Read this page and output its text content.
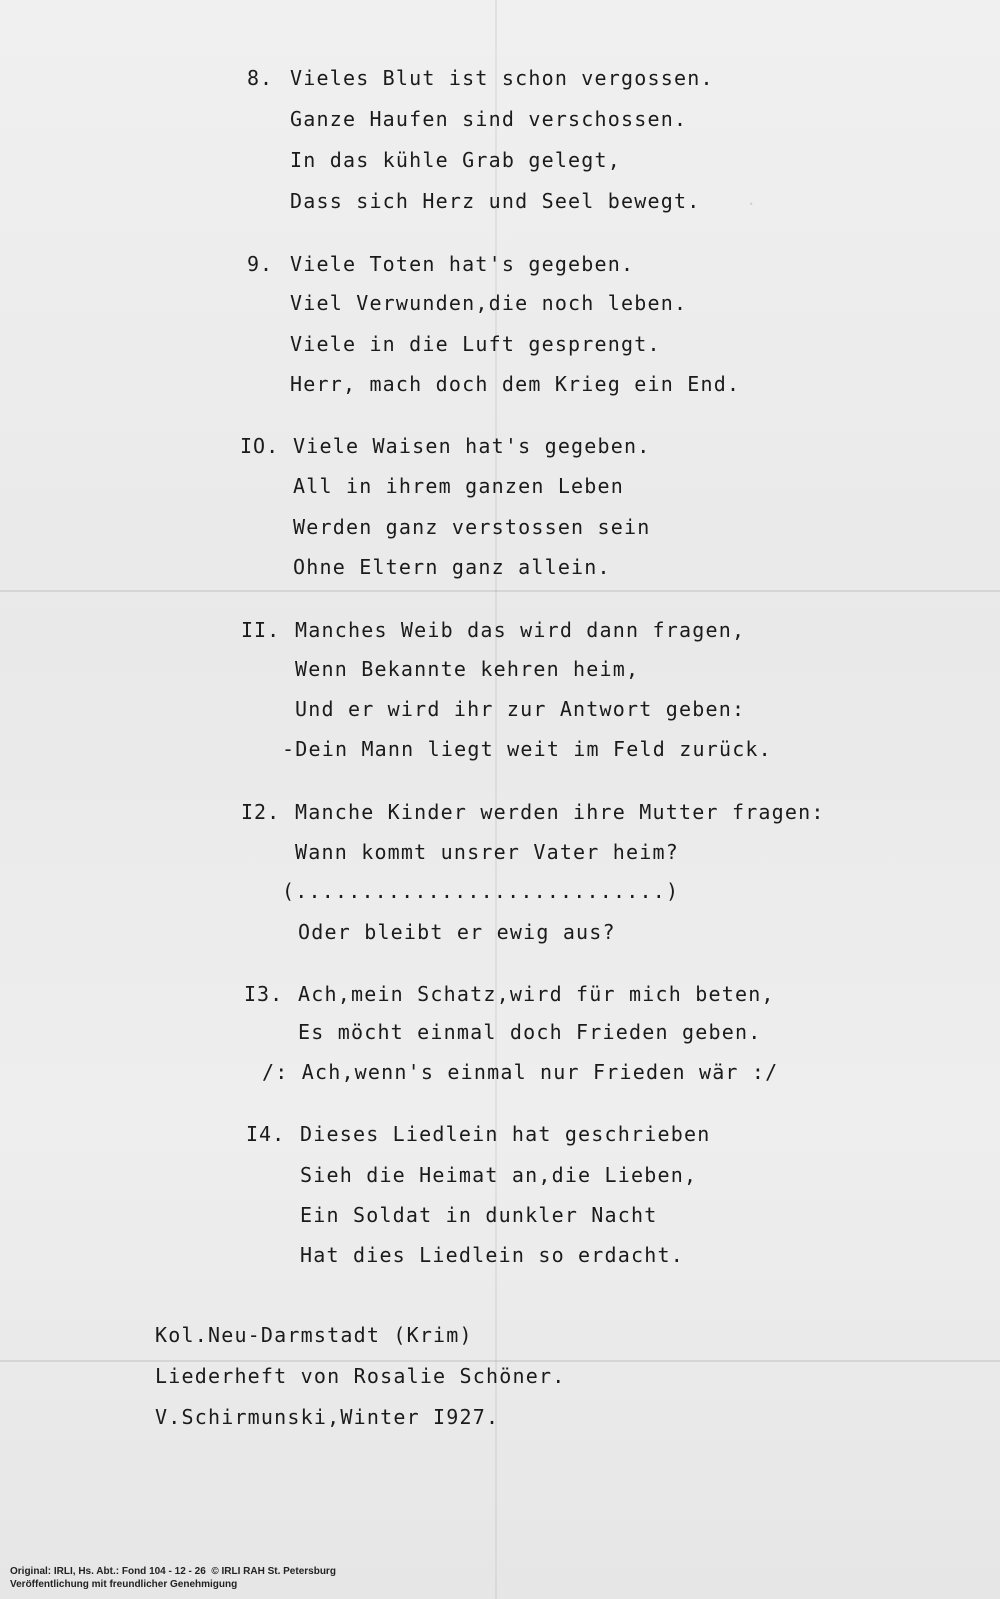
.
8. Vieles Blut ist schon vergossen.
Ganze Haufen sind verschossen.
In das kühle Grab gelegt,
Dass sich Herz und Seel bewegt.
9. Viele Toten hat's gegeben.
Viel Verwunden,die noch leben.
Viele in die Luft gesprengt.
Herr, mach doch dem Krieg ein End.
IO. Viele Waisen hat's gegeben.
All in ihrem ganzen Leben
Werden ganz verstossen sein
Ohne Eltern ganz allein.
II. Manches Weib das wird dann fragen,
Wenn Bekannte kehren heim,
Und er wird ihr zur Antwort geben:
-Dein Mann liegt weit im Feld zurück.
I2. Manche Kinder werden ihre Mutter fragen:
Wann kommt unsrer Vater heim?
(............................)
Oder bleibt er ewig aus?
I3. Ach,mein Schatz,wird für mich beten,
Es möcht einmal doch Frieden geben.
/: Ach,wenn's einmal nur Frieden wär :/
I4. Dieses Liedlein hat geschrieben
Sieh die Heimat an,die Lieben,
Ein Soldat in dunkler Nacht
Hat dies Liedlein so erdacht.
Kol.Neu-Darmstadt (Krim)
Liederheft von Rosalie Schöner.
V.Schirmunski,Winter I927.
Original: IRLI, Hs. Abt.: Fond 104 - 12 - 26  © IRLI RAH St. Petersburg
Veröffentlichung mit freundlicher Genehmigung
